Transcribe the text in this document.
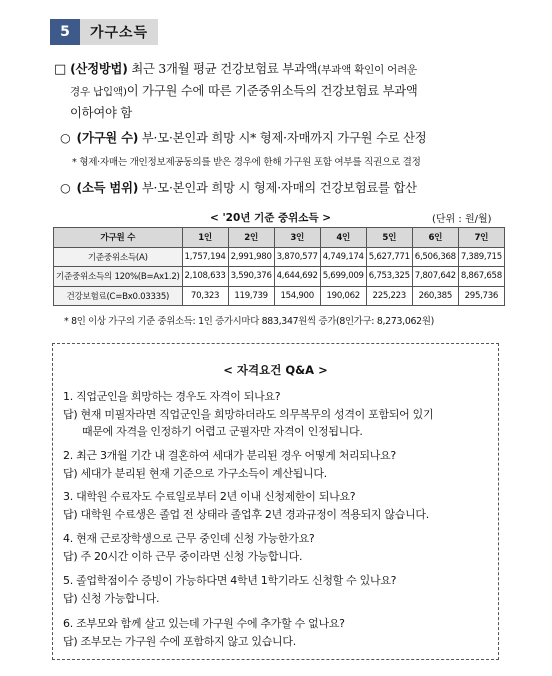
5	가구소득
□ (산정방법) 최근 3개월 평균 건강보험료 부과액(부과액 확인이 어려운
경우 납입액)이 가구원 수에 따른 기준중위소득의 건강보험료 부과액
이하여야 함
○ (가구원 수) 부·모·본인과 희망 시* 형제·자매까지 가구원 수로 산정
* 형제·자매는 개인정보제공동의를 받은 경우에 한해 가구원 포함 여부를 직권으로 결정
○ (소득 범위) 부·모·본인과 희망 시 형제·자매의 건강보험료를 합산
< '20년 기준 중위소득 >	(단위 : 원/월)
가구원 수	1인	2인	3인	4인	5인	6인	7인
기준중위소득(A)	1,757,194	2,991,980	3,870,577	4,749,174	5,627,771	6,506,368	7,389,715
기준중위소득의 120%(B=Ax1.2)	2,108,633	3,590,376	4,644,692	5,699,009	6,753,325	7,807,642	8,867,658
건강보험료(C=Bx0.03335)	70,323	119,739	154,900	190,062	225,223	260,385	295,736
* 8인 이상 가구의 기준 중위소득: 1인 증가시마다 883,347원씩 증가(8인가구: 8,273,062원)
< 자격요건 Q&A >
1. 직업군인을 희망하는 경우도 자격이 되나요?
답) 현재 미필자라면 직업군인을 희망하더라도 의무복무의 성격이 포함되어 있기
때문에 자격을 인정하기 어렵고 군필자만 자격이 인정됩니다.
2. 최근 3개월 기간 내 결혼하여 세대가 분리된 경우 어떻게 처리되나요?
답) 세대가 분리된 현재 기준으로 가구소득이 계산됩니다.
3. 대학원 수료자도 수료일로부터 2년 이내 신청제한이 되나요?
답) 대학원 수료생은 졸업 전 상태라 졸업후 2년 경과규정이 적용되지 않습니다.
4. 현재 근로장학생으로 근무 중인데 신청 가능한가요?
답) 주 20시간 이하 근무 중이라면 신청 가능합니다.
5. 졸업학점이수 증빙이 가능하다면 4학년 1학기라도 신청할 수 있나요?
답) 신청 가능합니다.
6. 조부모와 함께 살고 있는데 가구원 수에 추가할 수 없나요?
답) 조부모는 가구원 수에 포함하지 않고 있습니다.
